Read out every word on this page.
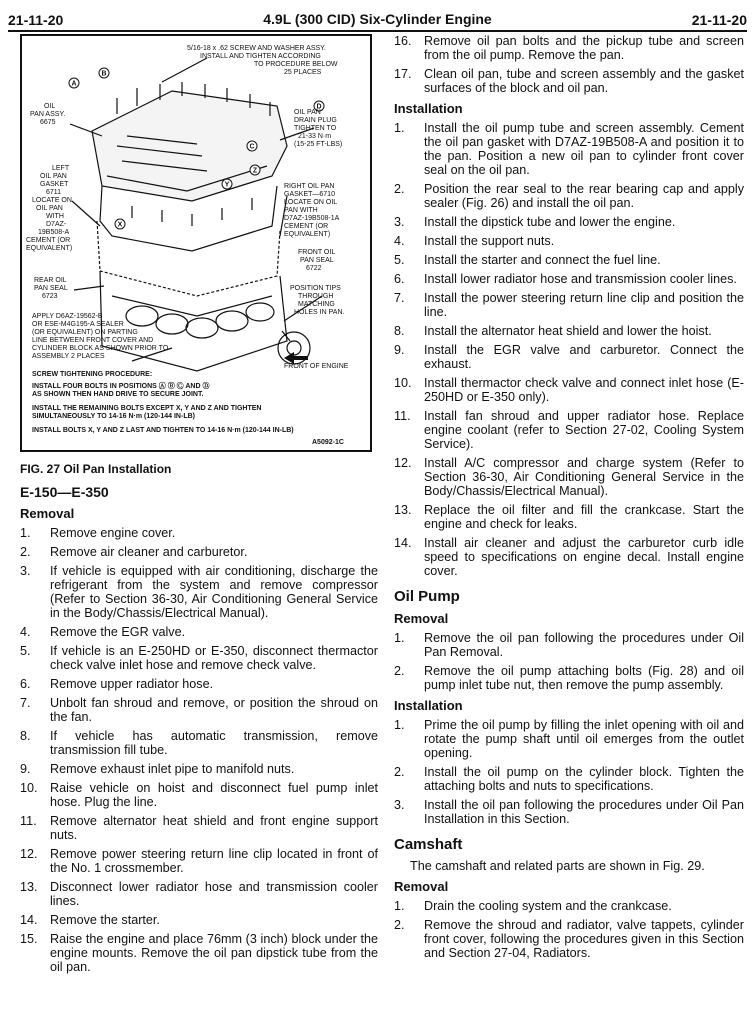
21-11-20	4.9L (300 CID) Six-Cylinder Engine	21-11-20
A
B
C
D
X
Y
Z
5/16-18 x .62 SCREW AND WASHER ASSY.
INSTALL AND TIGHTEN ACCORDING
TO PROCEDURE BELOW
25 PLACES
OIL
PAN ASSY.
6675
OIL PAN
DRAIN PLUG
TIGHTEN TO
21-33 N·m
(15-25 FT-LBS)
LEFT
OIL PAN
GASKET
6711
LOCATE ON
OIL PAN
WITH
D7AZ-
19B508-A
CEMENT (OR
EQUIVALENT)
RIGHT OIL PAN
GASKET—6710
LOCATE ON OIL
PAN WITH
D7AZ-19B508-1A
CEMENT (OR
EQUIVALENT)
FRONT OIL
PAN SEAL
6722
REAR OIL
PAN SEAL
6723
POSITION TIPS
THROUGH
MATCHING
HOLES IN PAN.
APPLY D6AZ-19562-B
OR ESE-M4G195-A SEALER
(OR EQUIVALENT) ON PARTING
LINE BETWEEN FRONT COVER AND
CYLINDER BLOCK AS SHOWN PRIOR TO
ASSEMBLY 2 PLACES
FRONT OF ENGINE
SCREW TIGHTENING PROCEDURE:
INSTALL FOUR BOLTS IN POSITIONS Ⓐ Ⓑ Ⓒ AND Ⓓ
AS SHOWN THEN HAND DRIVE TO SECURE JOINT.
INSTALL THE REMAINING BOLTS EXCEPT X, Y AND Z AND TIGHTEN
SIMULTANEOUSLY TO 14-16 N·m (120-144 IN-LB)
INSTALL BOLTS X, Y AND Z LAST AND TIGHTEN TO 14-16 N·m (120-144 IN-LB)
A5092-1C
FIG. 27 Oil Pan Installation
E-150—E-350
Removal
1.	Remove engine cover.
2.	Remove air cleaner and carburetor.
3.	If vehicle is equipped with air conditioning, discharge the refrigerant from the system and remove compressor (Refer to Section 36-30, Air Conditioning General Service in the Body/Chassis/Electrical Manual).
4.	Remove the EGR valve.
5.	If vehicle is an E-250HD or E-350, disconnect thermactor check valve inlet hose and remove check valve.
6.	Remove upper radiator hose.
7.	Unbolt fan shroud and remove, or position the shroud on the fan.
8.	If vehicle has automatic transmission, remove transmission fill tube.
9.	Remove exhaust inlet pipe to manifold nuts.
10. Raise vehicle on hoist and disconnect fuel pump inlet hose. Plug the line.
11.	Remove alternator heat shield and front engine support nuts.
12. Remove power steering return line clip located in front of the No. 1 crossmember.
13. Disconnect lower radiator hose and transmission cooler lines.
14. Remove the starter.
15. Raise the engine and place 76mm (3 inch) block under the engine mounts. Remove the oil pan dipstick tube from the oil pan.
16. Remove oil pan bolts and the pickup tube and screen from the oil pump. Remove the pan.
17. Clean oil pan, tube and screen assembly and the gasket surfaces of the block and oil pan.
Installation
1.	Install the oil pump tube and screen assembly. Cement the oil pan gasket with D7AZ-19B508-A and position it to the pan. Position a new oil pan to cylinder front cover seal on the oil pan.
2.	Position the rear seal to the rear bearing cap and apply sealer (Fig. 26) and install the oil pan.
3.	Install the dipstick tube and lower the engine.
4.	Install the support nuts.
5.	Install the starter and connect the fuel line.
6.	Install lower radiator hose and transmission cooler lines.
7.	Install the power steering return line clip and position the line.
8.	Install the alternator heat shield and lower the hoist.
9.	Install the EGR valve and carburetor. Connect the exhaust.
10. Install thermactor check valve and connect inlet hose (E-250HD or E-350 only).
11.	Install fan shroud and upper radiator hose. Replace engine coolant (refer to Section 27-02, Cooling System Service).
12. Install A/C compressor and charge system (Refer to Section 36-30, Air Conditioning General Service in the Body/Chassis/Electrical Manual).
13. Replace the oil filter and fill the crankcase. Start the engine and check for leaks.
14. Install air cleaner and adjust the carburetor curb idle speed to specifications on engine decal. Install engine cover.
Oil Pump
Removal
1.	Remove the oil pan following the procedures under Oil Pan Removal.
2.	Remove the oil pump attaching bolts (Fig. 28) and oil pump inlet tube nut, then remove the pump assembly.
Installation
1.	Prime the oil pump by filling the inlet opening with oil and rotate the pump shaft until oil emerges from the outlet opening.
2.	Install the oil pump on the cylinder block. Tighten the attaching bolts and nuts to specifications.
3.	Install the oil pan following the procedures under Oil Pan Installation in this Section.
Camshaft

The camshaft and related parts are shown in Fig. 29.

Removal
1.	Drain the cooling system and the crankcase.
2.	Remove the shroud and radiator, valve tappets, cylinder front cover, following the procedures given in this Section and Section 27-04, Radiators.
